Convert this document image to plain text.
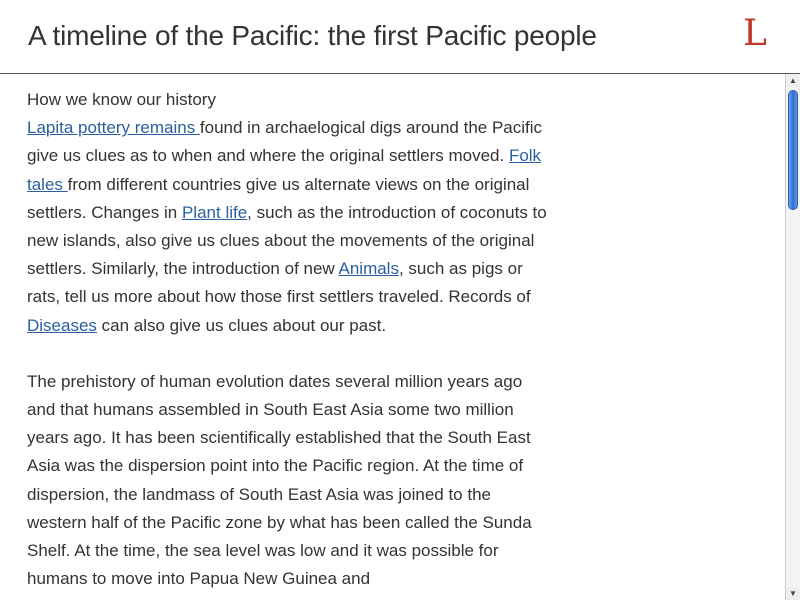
A timeline of the Pacific: the first Pacific people	L
How we know our history

Lapita pottery remains found in archaelogical digs around the Pacific give us clues as to when and where the original settlers moved. Folk tales from different countries give us alternate views on the original settlers. Changes in Plant life, such as the introduction of coconuts to new islands, also give us clues about the movements of the original settlers. Similarly, the introduction of new Animals, such as pigs or rats, tell us more about how those first settlers traveled. Records of Diseases can also give us clues about our past.

The prehistory of human evolution dates several million years ago and that humans assembled in South East Asia some two million years ago. It has been scientifically established that the South East Asia was the dispersion point into the Pacific region. At the time of dispersion, the landmass of South East Asia was joined to the western half of the Pacific zone by what has been called the Sunda Shelf. At the time, the sea level was low and it was possible for humans to move into Papua New Guinea and

▲
▼
